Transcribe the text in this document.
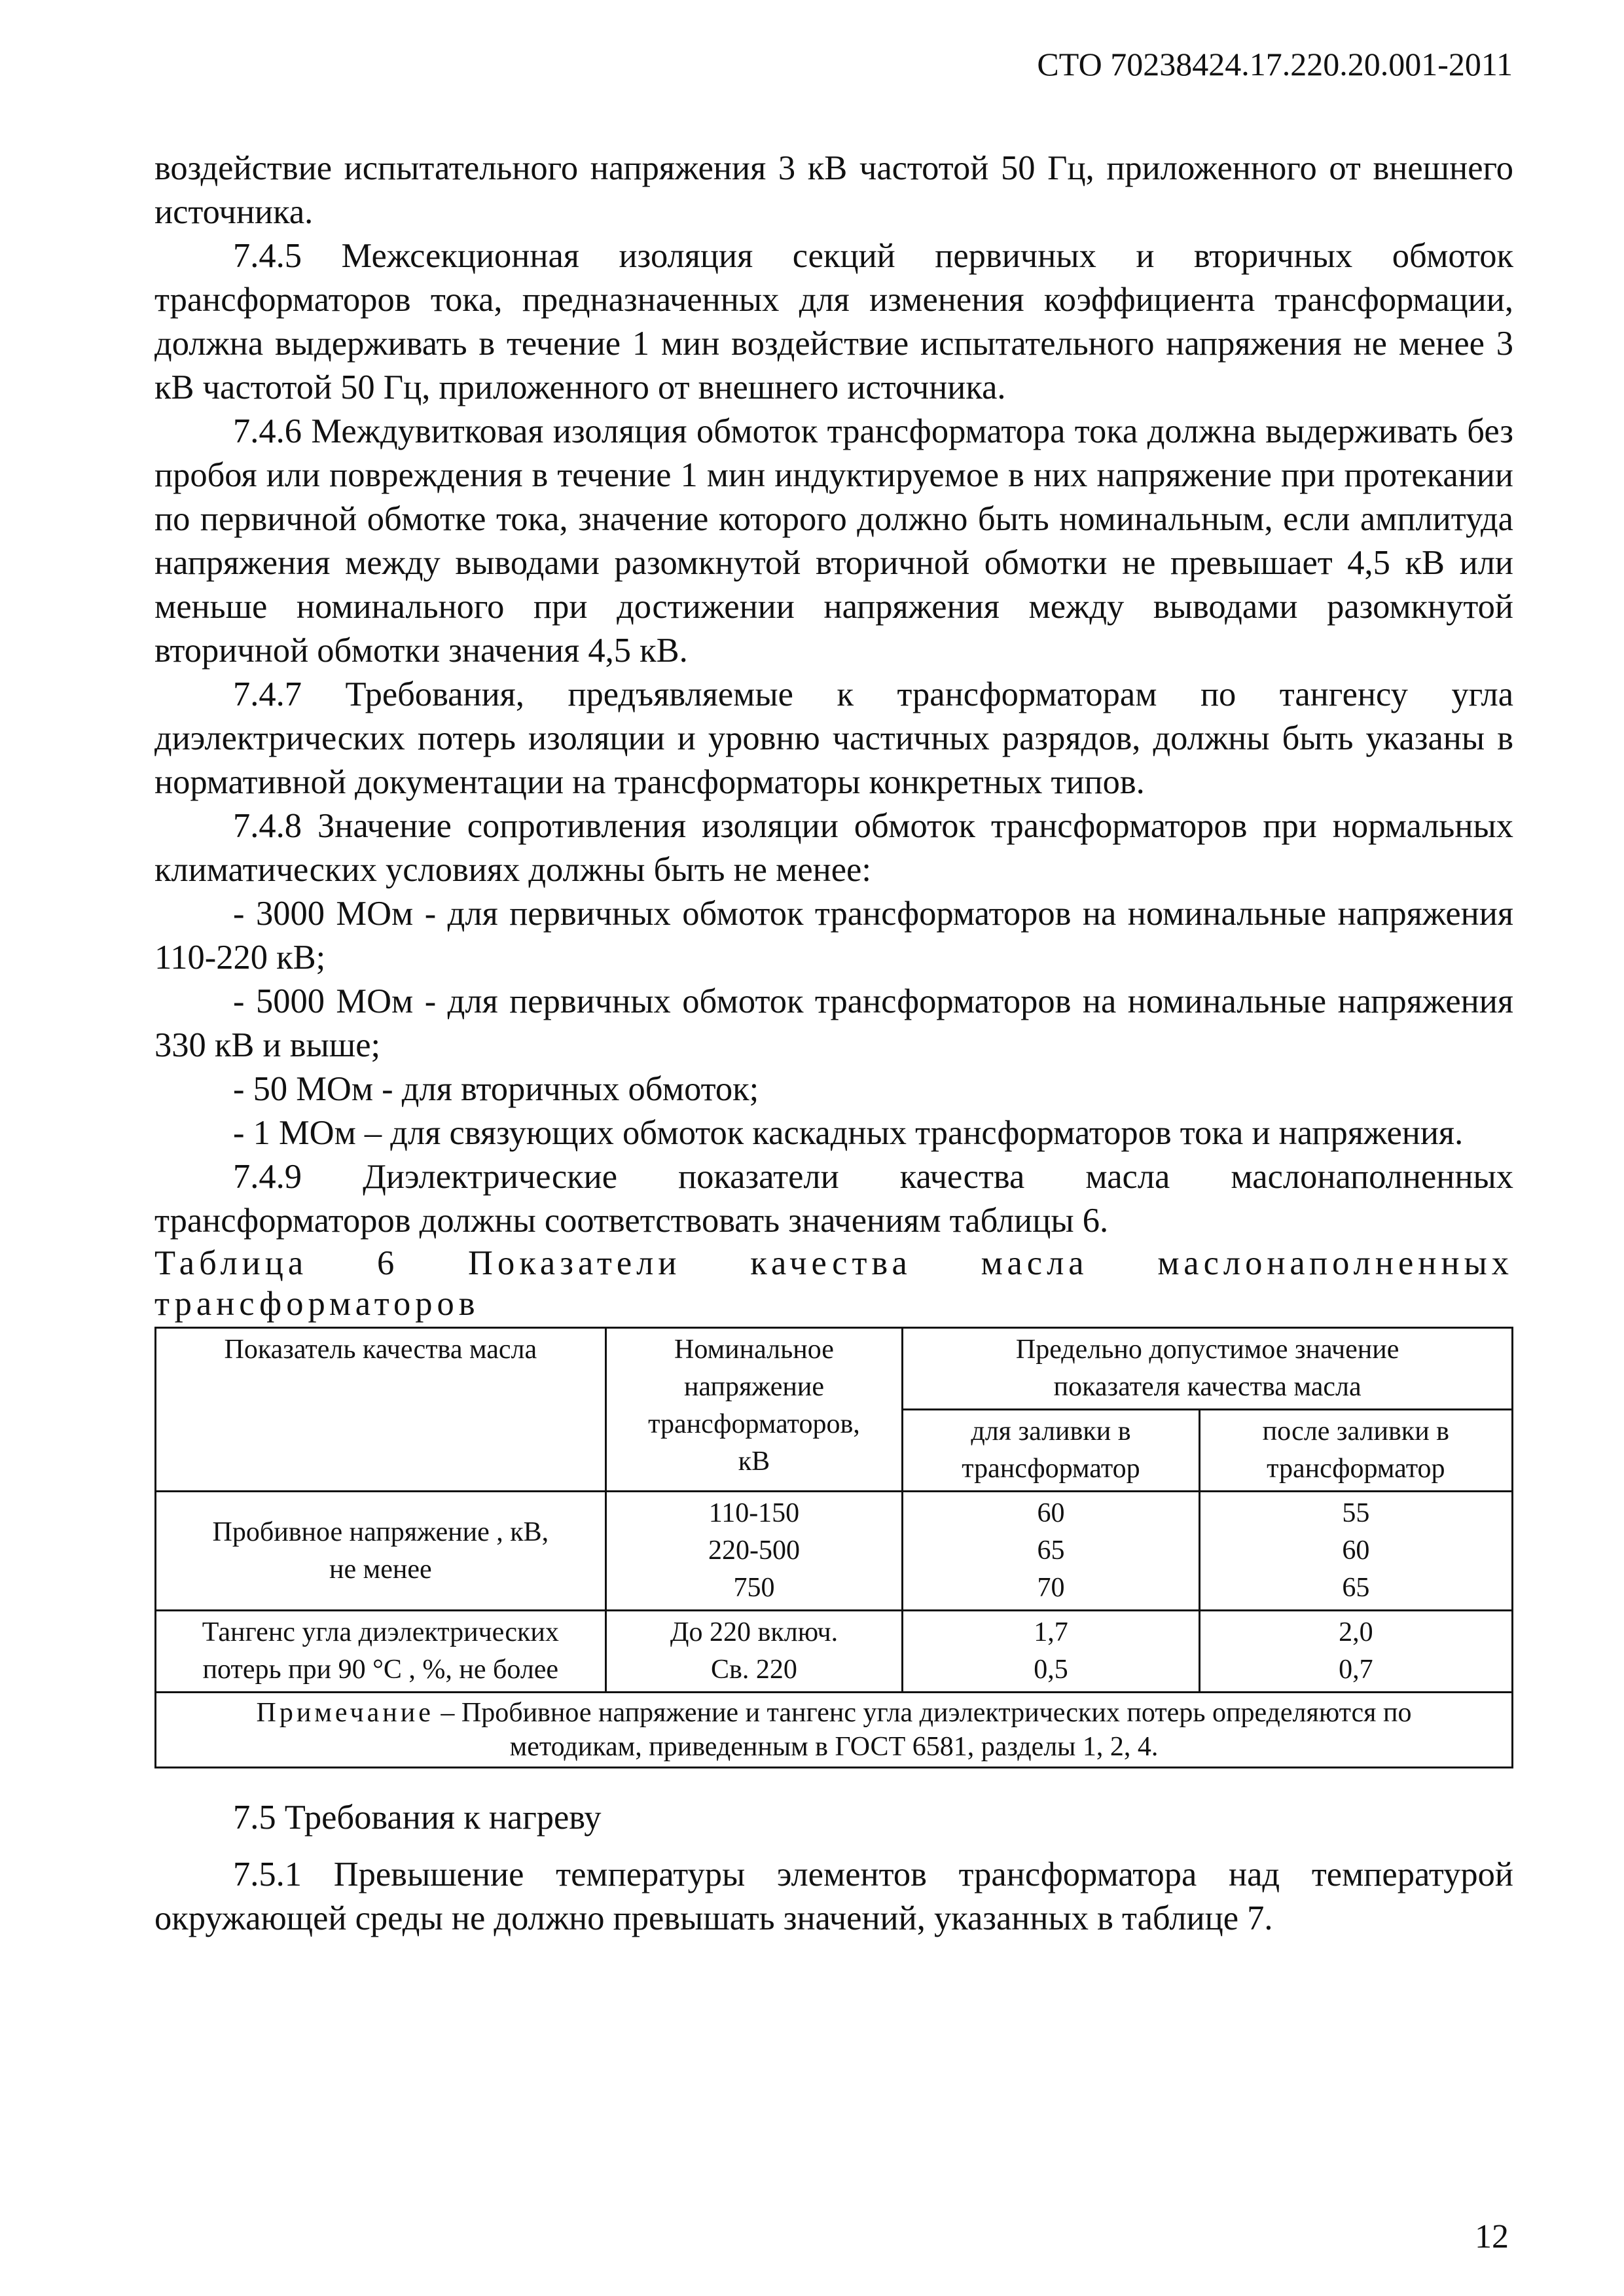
СТО 70238424.17.220.20.001-2011

воздействие испытательного напряжения 3 кВ частотой 50 Гц, приложенного от внешнего источника.

7.4.5 Межсекционная изоляция секций первичных и вторичных обмоток трансформаторов тока, предназначенных для изменения коэффициента трансформации, должна выдерживать в течение 1 мин воздействие испытательного напряжения не менее 3 кВ частотой 50 Гц, приложенного от внешнего источника.

7.4.6 Междувитковая изоляция обмоток трансформатора тока должна выдерживать без пробоя или повреждения в течение 1 мин индуктируемое в них напряжение при протекании по первичной обмотке тока, значение которого должно быть номинальным, если амплитуда напряжения между выводами разомкнутой вторичной обмотки не превышает 4,5 кВ или меньше номинального при достижении напряжения между выводами разомкнутой вторичной обмотки значения 4,5 кВ.

7.4.7 Требования, предъявляемые к трансформаторам по тангенсу угла диэлектрических потерь изоляции и уровню частичных разрядов, должны быть указаны в нормативной документации на трансформаторы конкретных типов.

7.4.8 Значение сопротивления изоляции обмоток трансформаторов при нормальных климатических условиях должны быть не менее:

- 3000 МОм - для первичных обмоток трансформаторов на номинальные напряжения 110-220 кВ;

- 5000 МОм - для первичных обмоток трансформаторов на номинальные напряжения 330 кВ и выше;

- 50 МОм - для вторичных обмоток;

- 1 МОм – для связующих обмоток каскадных трансформаторов тока и напряжения.

7.4.9 Диэлектрические показатели качества масла маслонаполненных трансформаторов должны соответствовать значениям таблицы 6.

Таблица 6 Показатели качества масла маслонаполненных трансформаторов

Показатель качества масла	Номинальное
напряжение
трансформаторов,
кВ	Предельно допустимое значение
показателя качества масла	

		для заливки в
трансформатор	после заливки в
трансформатор

Пробивное напряжение , кВ,
не менее	110-150
220-500
750	60
65
70	55
60
65

Тангенс угла диэлектрических
потерь при 90 °С , %, не более	До 220 включ.
Св. 220	1,7
0,5	2,0
0,7

Примечание – Пробивное напряжение и тангенс угла диэлектрических потерь определяются по
методикам, приведенным в ГОСТ 6581, разделы 1, 2, 4.			

7.5 Требования к нагреву

7.5.1 Превышение температуры элементов трансформатора над температурой окружающей среды не должно превышать значений, указанных в таблице 7.

12
